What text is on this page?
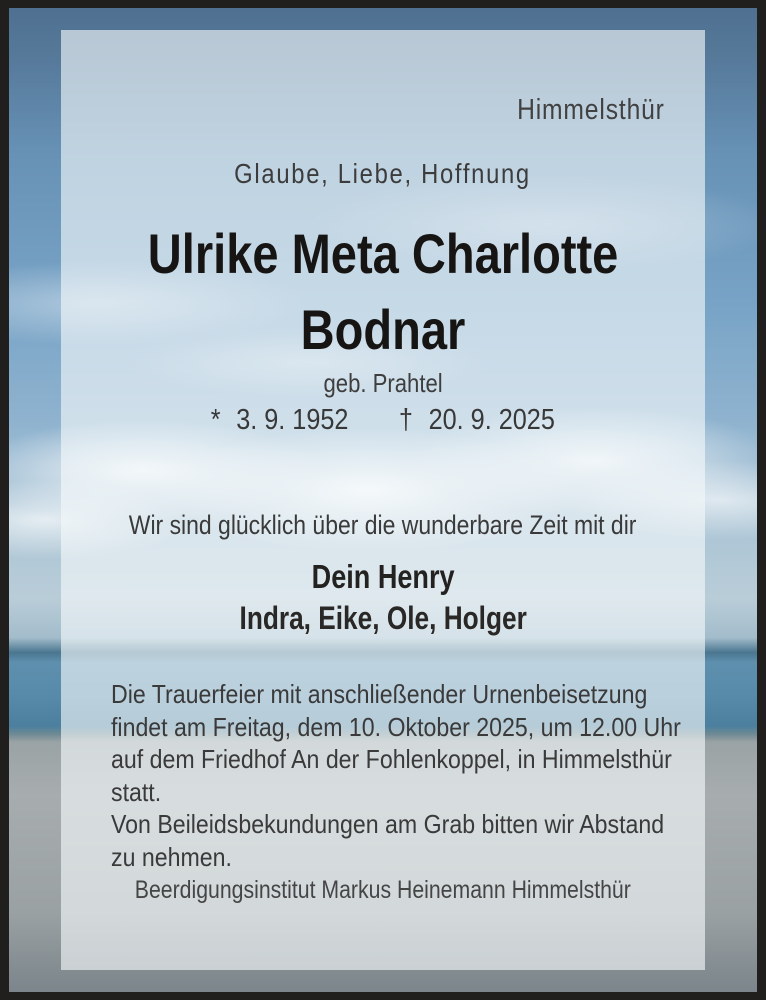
Himmelsthür
Glaube, Liebe, Hoffnung
Ulrike Meta Charlotte
Bodnar
geb. Prahtel
* 3. 9. 1952 † 20. 9. 2025
Wir sind glücklich über die wunderbare Zeit mit dir
Dein Henry
Indra, Eike, Ole, Holger
Die Trauerfeier mit anschließender Urnenbeisetzung
findet am Freitag, dem 10. Oktober 2025, um 12.00 Uhr
auf dem Friedhof An der Fohlenkoppel, in Himmelsthür
statt.
Von Beileidsbekundungen am Grab bitten wir Abstand
zu nehmen.
Beerdigungsinstitut Markus Heinemann Himmelsthür
